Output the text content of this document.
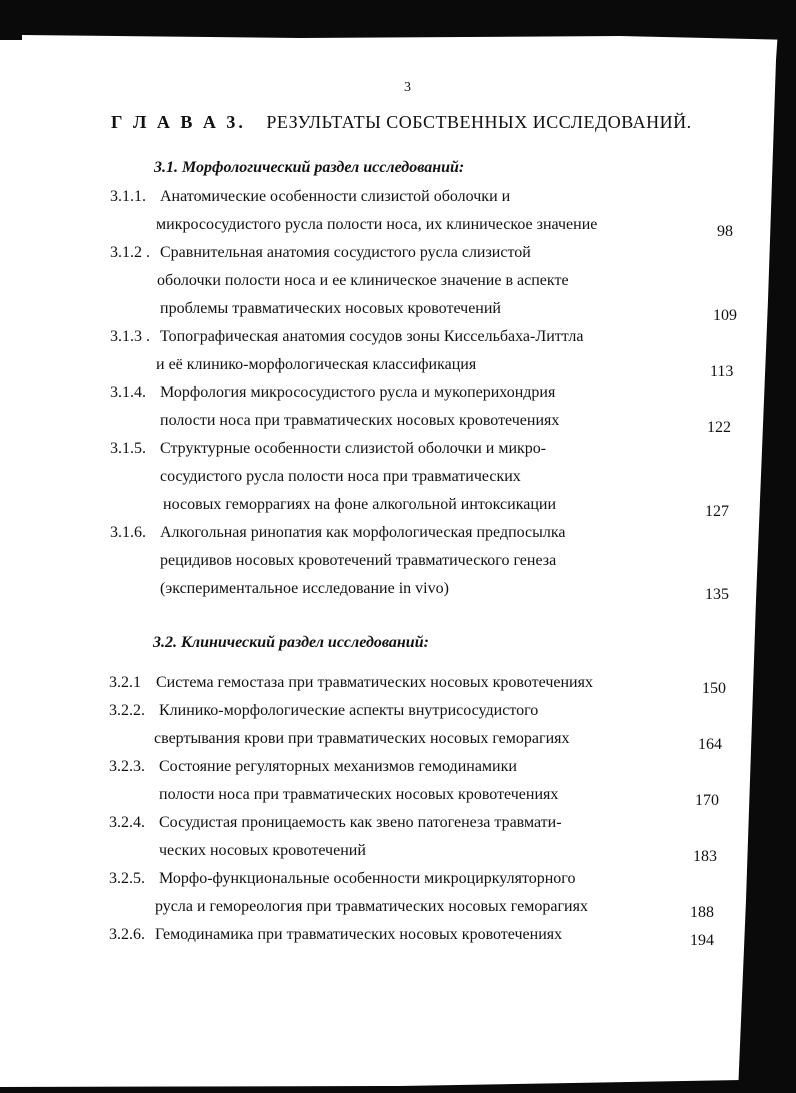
3
Г Л А В А 3. РЕЗУЛЬТАТЫ СОБСТВЕННЫХ ИССЛЕДОВАНИЙ.
3.1. Морфологический раздел исследований:
3.1.1. Анатомические особенности слизистой оболочки и
микрососудистого русла полости носа, их клиническое значение	98
3.1.2 . Сравнительная анатомия сосудистого русла слизистой
оболочки полости носа и ее клиническое значение в аспекте
проблемы травматических носовых кровотечений	109
3.1.3 . Топографическая анатомия сосудов зоны Киссельбаха-Литтла
и её клинико-морфологическая классификация	113
3.1.4. Морфология микрососудистого русла и мукоперихондрия
полости носа при травматических носовых кровотечениях	122
3.1.5. Структурные особенности слизистой оболочки и микро-
сосудистого русла полости носа при травматических
носовых геморрагиях на фоне алкогольной интоксикации	127
3.1.6. Алкогольная ринопатия как морфологическая предпосылка
рецидивов носовых кровотечений травматического генеза
(экспериментальное исследование in vivo)	135
3.2. Клинический раздел исследований:
3.2.1 Система гемостаза при травматических носовых кровотечениях	150
3.2.2. Клинико-морфологические аспекты внутрисосудистого
свертывания крови при травматических носовых геморагиях	164
3.2.3. Состояние регуляторных механизмов гемодинамики
полости носа при травматических носовых кровотечениях	170
3.2.4. Сосудистая проницаемость как звено патогенеза травмати-
ческих носовых кровотечений	183
3.2.5. Морфо-функциональные особенности микроциркуляторного
русла и гемореология при травматических носовых геморагиях	188
3.2.6. Гемодинамика при травматических носовых кровотечениях	194
